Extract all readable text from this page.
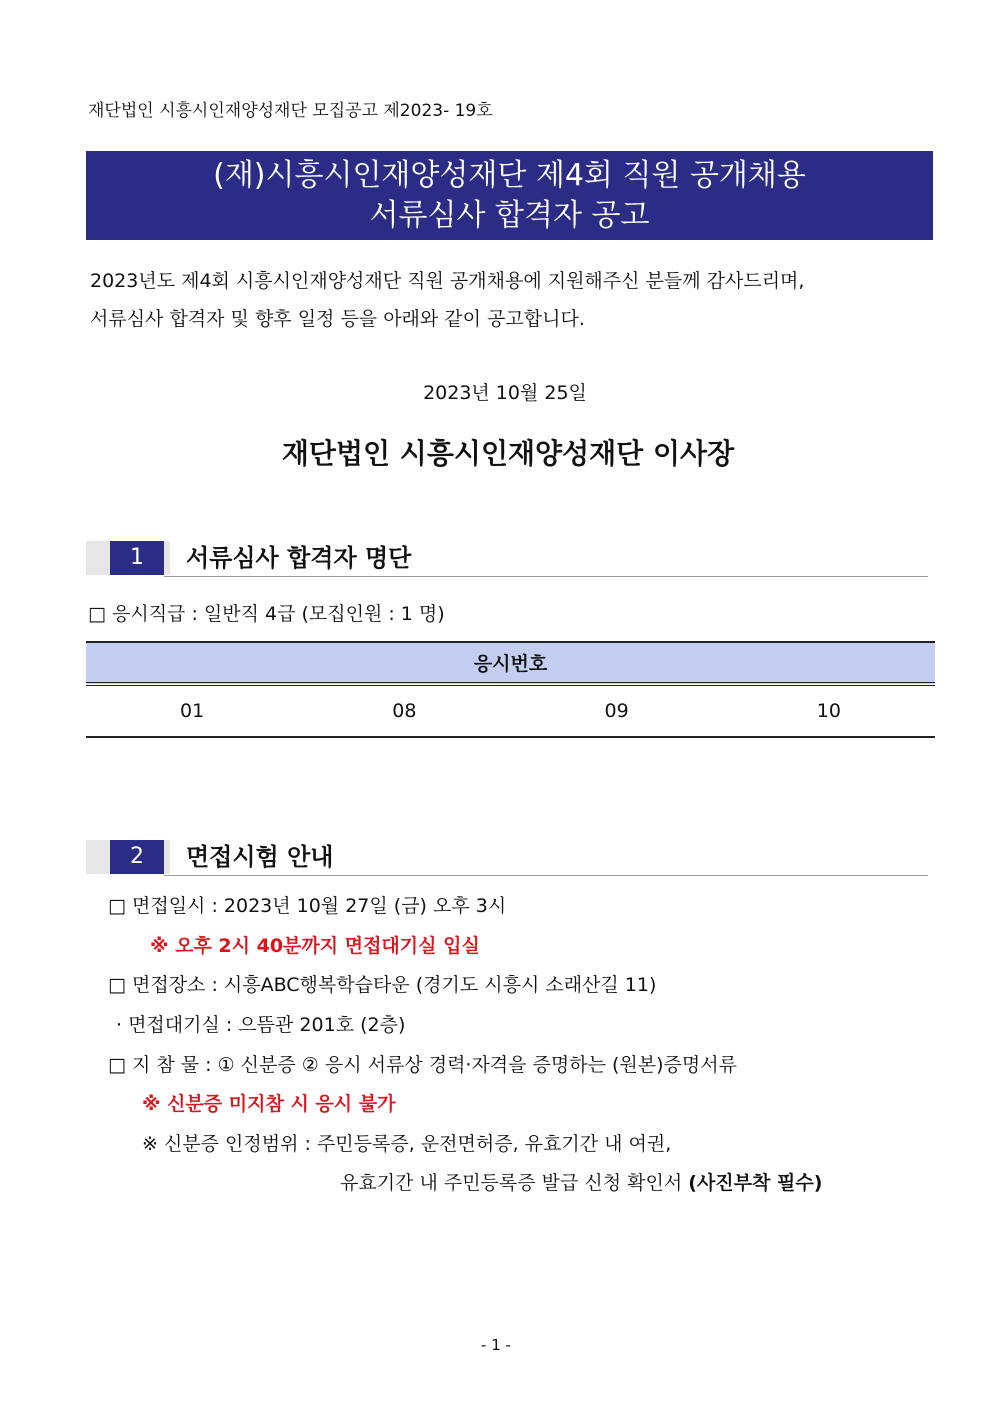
재단법인 시흥시인재양성재단 모집공고 제2023- 19호
(재)시흥시인재양성재단 제4회 직원 공개채용
서류심사 합격자 공고
2023년도 제4회 시흥시인재양성재단 직원 공개채용에 지원해주신 분들께 감사드리며,
서류심사 합격자 및 향후 일정 등을 아래와 같이 공고합니다.
2023년 10월 25일
재단법인 시흥시인재양성재단 이사장
1	서류심사 합격자 명단
□ 응시직급 : 일반직 4급 (모집인원 : 1 명)
응시번호
01	08	09	10
2	면접시험 안내
□ 면접일시 : 2023년 10월 27일 (금) 오후 3시
※ 오후 2시 40분까지 면접대기실 입실
□ 면접장소 : 시흥ABC행복학습타운 (경기도 시흥시 소래산길 11)
· 면접대기실 : 으뜸관 201호 (2층)
□ 지 참 물 : ① 신분증 ② 응시 서류상 경력·자격을 증명하는 (원본)증명서류
※ 신분증 미지참 시 응시 불가
※ 신분증 인정범위 : 주민등록증, 운전면허증, 유효기간 내 여권,
유효기간 내 주민등록증 발급 신청 확인서 (사진부착 필수)
- 1 -
